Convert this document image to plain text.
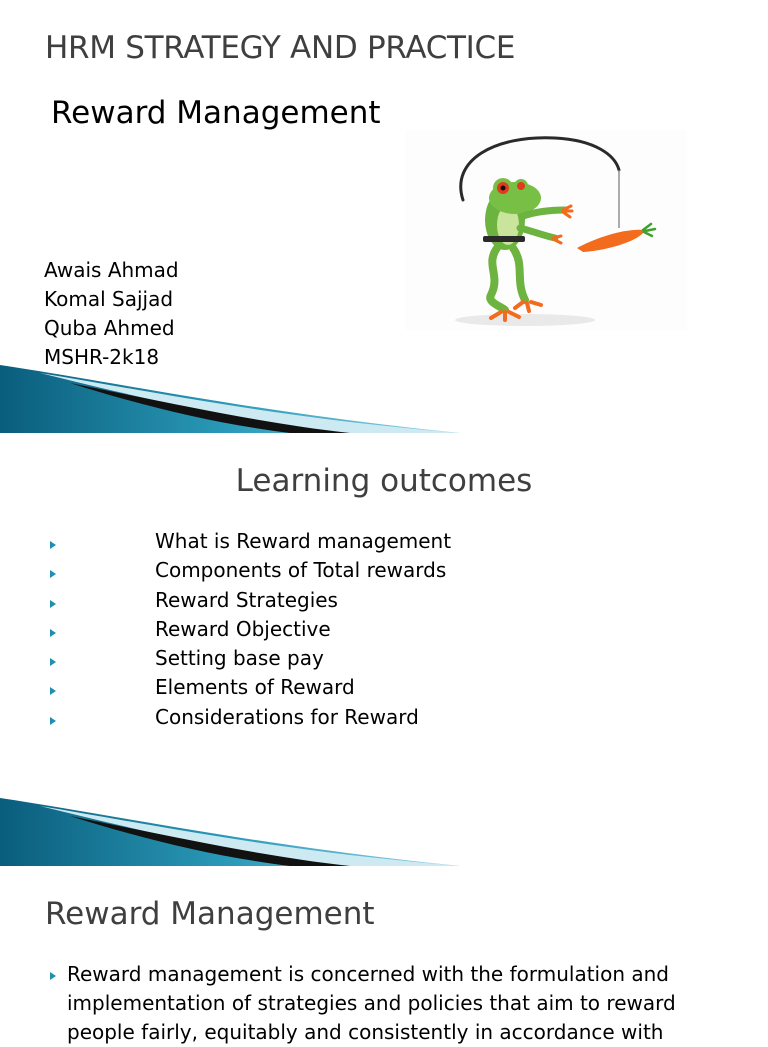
HRM STRATEGY AND PRACTICE
Reward Management
Awais Ahmad
Komal Sajjad
Quba Ahmed
MSHR-2k18
Learning outcomes
What is Reward management
Components of Total rewards
Reward Strategies
Reward Objective
Setting base pay
Elements of Reward
Considerations for Reward
Reward Management
Reward management is concerned with the formulation and implementation of strategies and policies that aim to reward people fairly, equitably and consistently in accordance with
